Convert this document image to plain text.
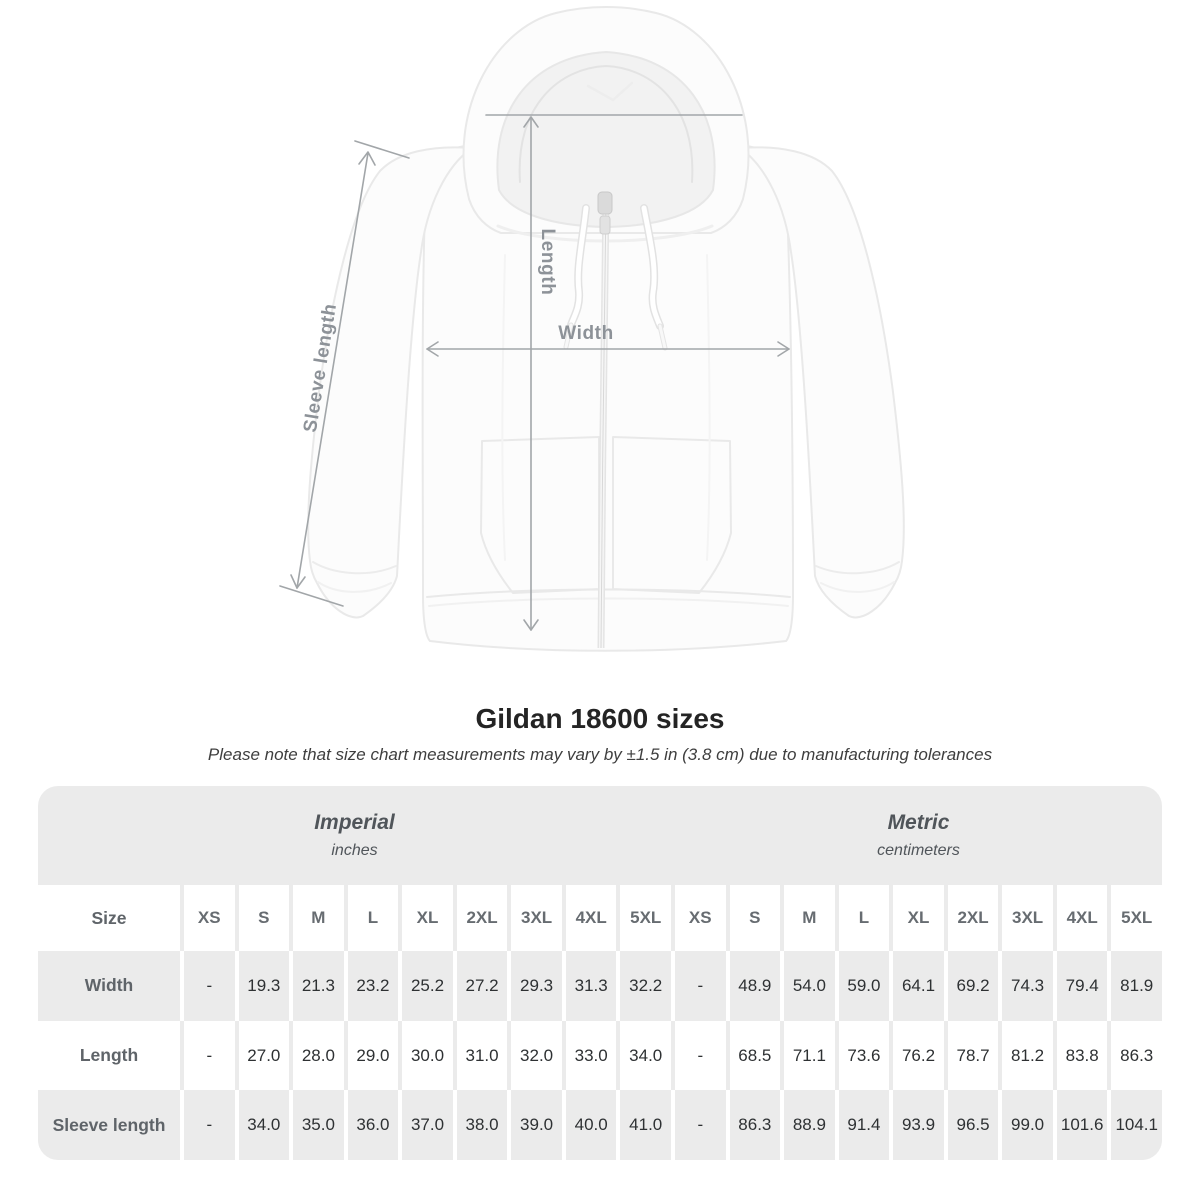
Length
Width
Sleeve length
Gildan 18600 sizes
Please note that size chart measurements may vary by ±1.5 in (3.8 cm) due to manufacturing tolerances
Imperial
inches
Metric
centimeters
Size	XS	S	M	L	XL	2XL	3XL	4XL	5XL	XS	S	M	L	XL	2XL	3XL	4XL	5XL
Width	-	19.3	21.3	23.2	25.2	27.2	29.3	31.3	32.2	-	48.9	54.0	59.0	64.1	69.2	74.3	79.4	81.9
Length	-	27.0	28.0	29.0	30.0	31.0	32.0	33.0	34.0	-	68.5	71.1	73.6	76.2	78.7	81.2	83.8	86.3
Sleeve length	-	34.0	35.0	36.0	37.0	38.0	39.0	40.0	41.0	-	86.3	88.9	91.4	93.9	96.5	99.0 101.6 104.1
